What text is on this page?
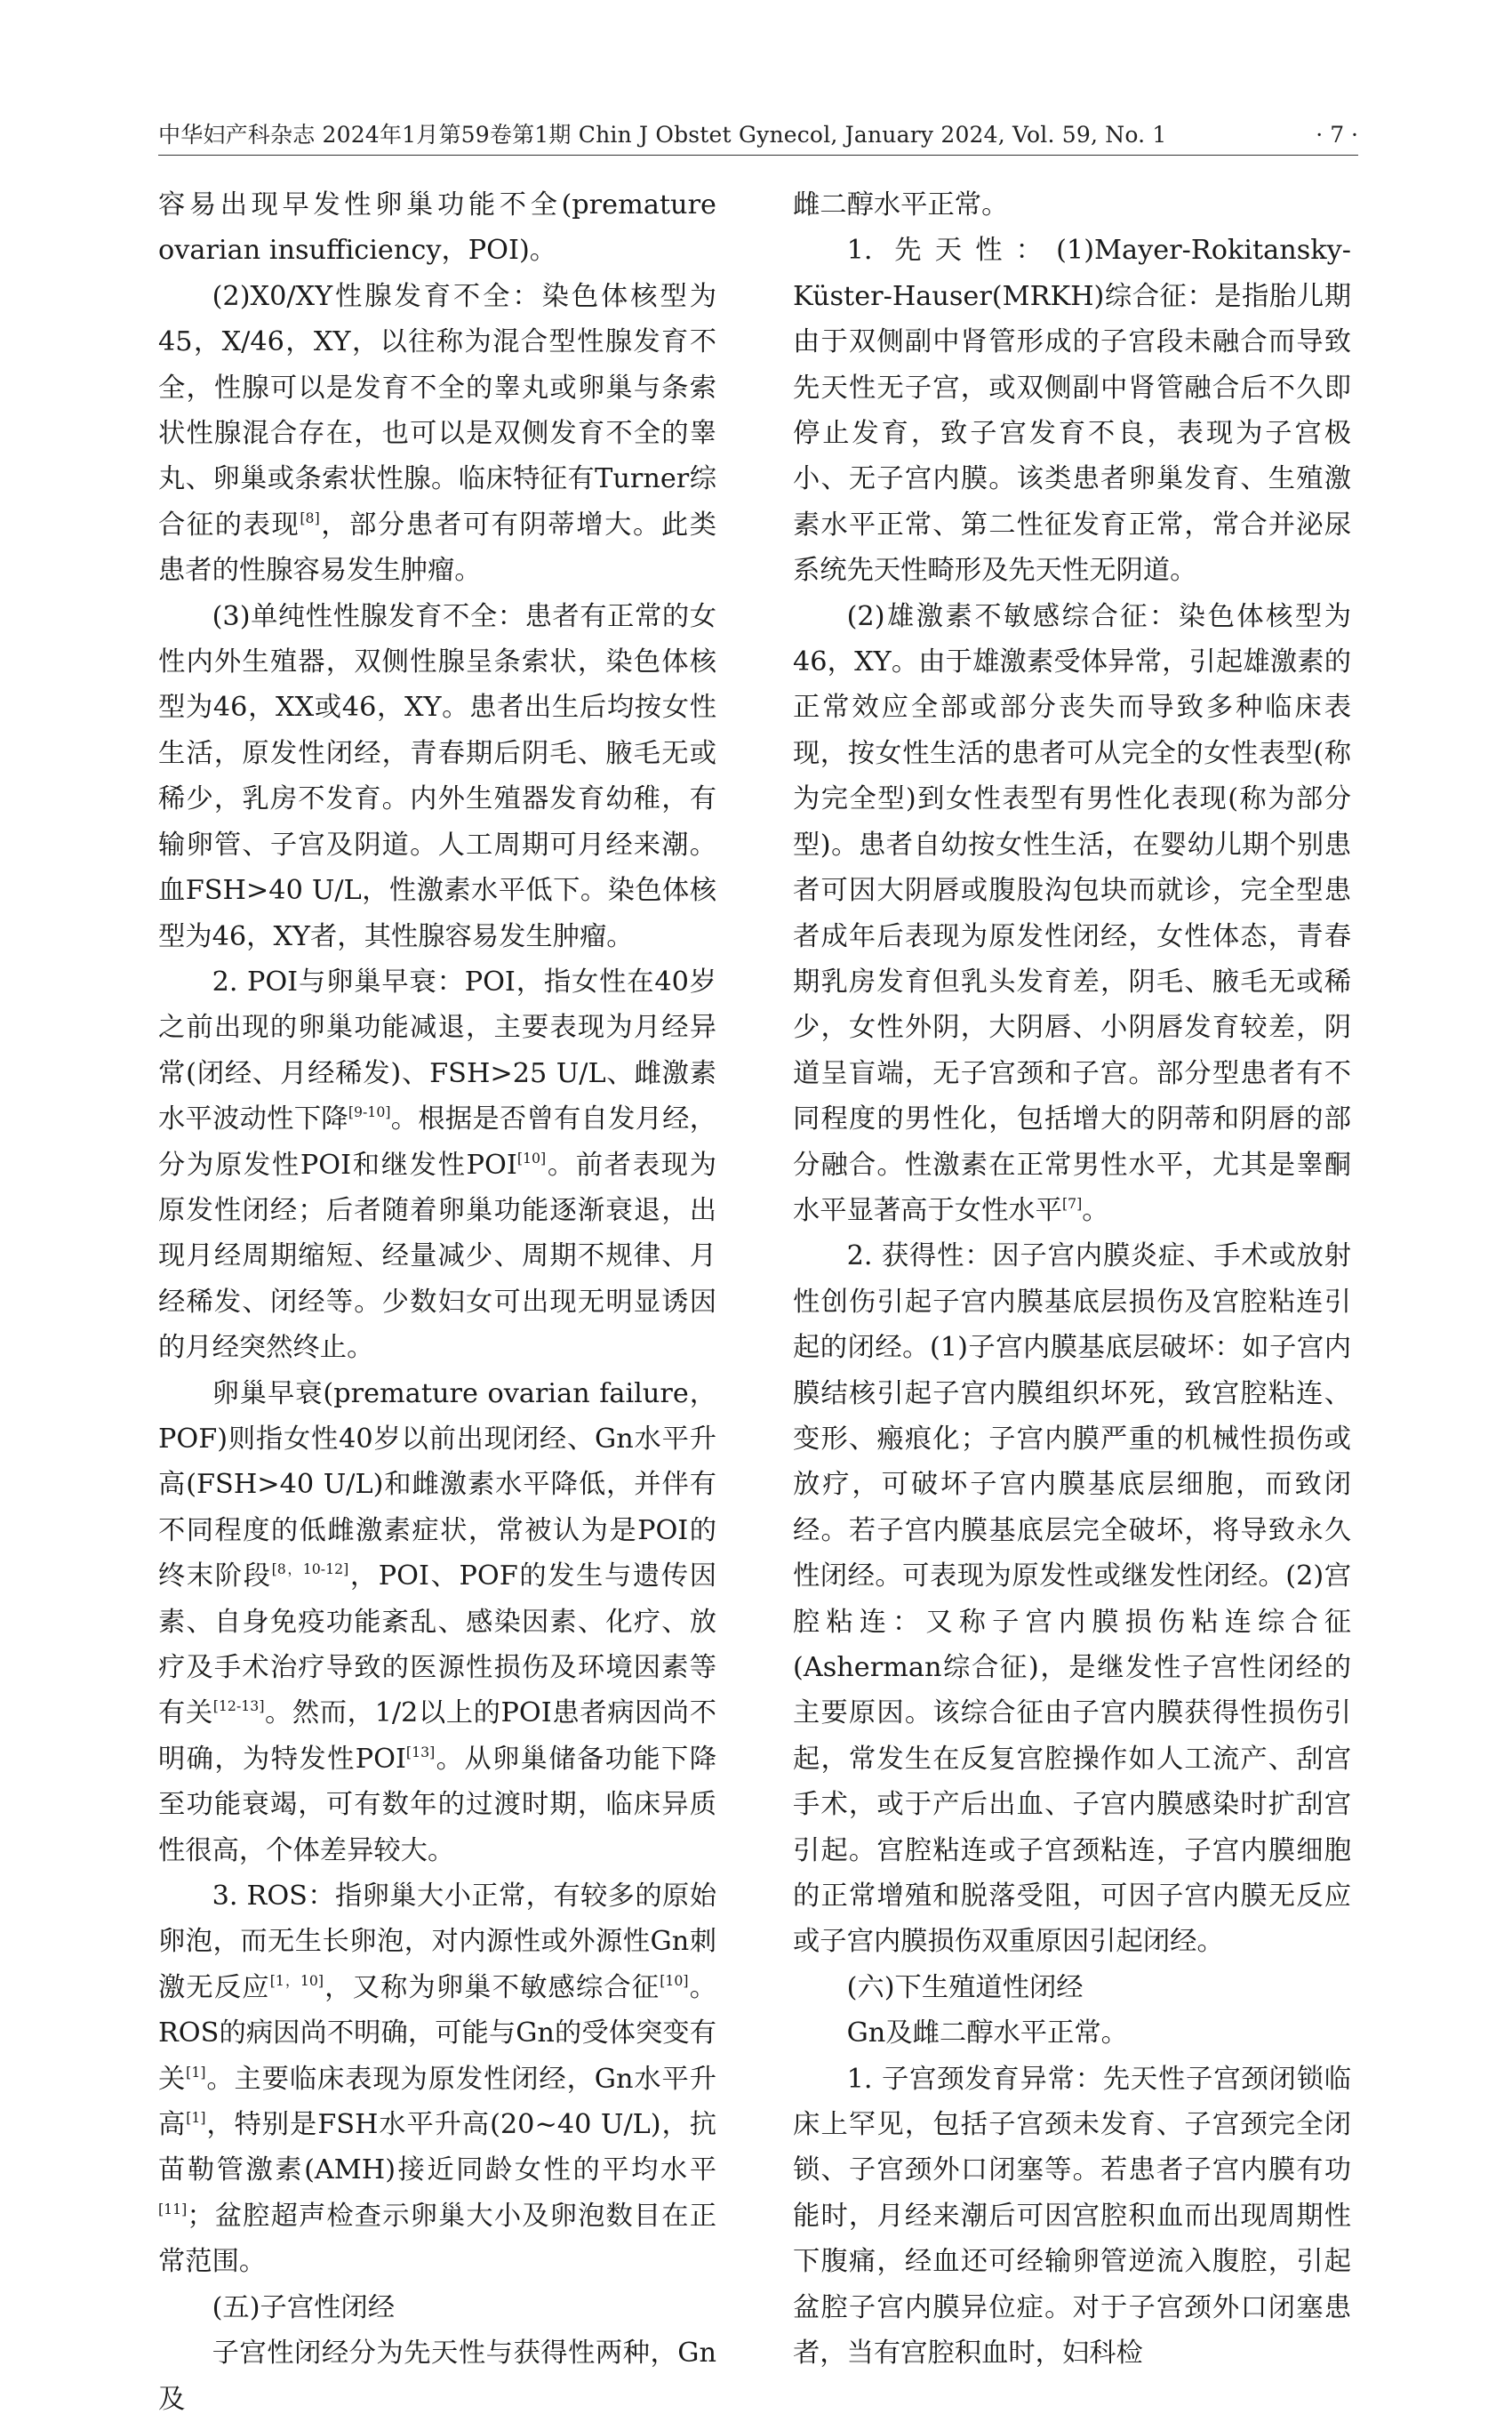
中华妇产科杂志 2024年1月第59卷第1期 Chin J Obstet Gynecol, January 2024, Vol. 59, No. 1	· 7 ·

容易出现早发性卵巢功能不全(premature ovarian insufficiency，POI)。

(2)X0/XY性腺发育不全：染色体核型为45，X/46，XY，以往称为混合型性腺发育不全，性腺可以是发育不全的睾丸或卵巢与条索状性腺混合存在，也可以是双侧发育不全的睾丸、卵巢或条索状性腺。临床特征有Turner综合征的表现[8]，部分患者可有阴蒂增大。此类患者的性腺容易发生肿瘤。

(3)单纯性性腺发育不全：患者有正常的女性内外生殖器，双侧性腺呈条索状，染色体核型为46，XX或46，XY。患者出生后均按女性生活，原发性闭经，青春期后阴毛、腋毛无或稀少，乳房不发育。内外生殖器发育幼稚，有输卵管、子宫及阴道。人工周期可月经来潮。血FSH>40 U/L，性激素水平低下。染色体核型为46，XY者，其性腺容易发生肿瘤。

2. POI与卵巢早衰：POI，指女性在40岁之前出现的卵巢功能减退，主要表现为月经异常(闭经、月经稀发)、FSH>25 U/L、雌激素水平波动性下降[9-10]。根据是否曾有自发月经，分为原发性POI和继发性POI[10]。前者表现为原发性闭经；后者随着卵巢功能逐渐衰退，出现月经周期缩短、经量减少、周期不规律、月经稀发、闭经等。少数妇女可出现无明显诱因的月经突然终止。

卵巢早衰(premature ovarian failure，POF)则指女性40岁以前出现闭经、Gn水平升高(FSH>40 U/L)和雌激素水平降低，并伴有不同程度的低雌激素症状，常被认为是POI的终末阶段[8，10-12]，POI、POF的发生与遗传因素、自身免疫功能紊乱、感染因素、化疗、放疗及手术治疗导致的医源性损伤及环境因素等有关[12-13]。然而，1/2以上的POI患者病因尚不明确，为特发性POI[13]。从卵巢储备功能下降至功能衰竭，可有数年的过渡时期，临床异质性很高，个体差异较大。

3. ROS：指卵巢大小正常，有较多的原始卵泡，而无生长卵泡，对内源性或外源性Gn刺激无反应[1，10]，又称为卵巢不敏感综合征[10]。ROS的病因尚不明确，可能与Gn的受体突变有关[1]。主要临床表现为原发性闭经，Gn水平升高[1]，特别是FSH水平升高(20~40 U/L)，抗苗勒管激素(AMH)接近同龄女性的平均水平[11]；盆腔超声检查示卵巢大小及卵泡数目在正常范围。

(五)子宫性闭经

子宫性闭经分为先天性与获得性两种，Gn及

雌二醇水平正常。

1. 先天性：(1)Mayer-Rokitansky-Küster-Hauser(MRKH)综合征：是指胎儿期由于双侧副中肾管形成的子宫段未融合而导致先天性无子宫，或双侧副中肾管融合后不久即停止发育，致子宫发育不良，表现为子宫极小、无子宫内膜。该类患者卵巢发育、生殖激素水平正常、第二性征发育正常，常合并泌尿系统先天性畸形及先天性无阴道。

(2)雄激素不敏感综合征：染色体核型为46，XY。由于雄激素受体异常，引起雄激素的正常效应全部或部分丧失而导致多种临床表现，按女性生活的患者可从完全的女性表型(称为完全型)到女性表型有男性化表现(称为部分型)。患者自幼按女性生活，在婴幼儿期个别患者可因大阴唇或腹股沟包块而就诊，完全型患者成年后表现为原发性闭经，女性体态，青春期乳房发育但乳头发育差，阴毛、腋毛无或稀少，女性外阴，大阴唇、小阴唇发育较差，阴道呈盲端，无子宫颈和子宫。部分型患者有不同程度的男性化，包括增大的阴蒂和阴唇的部分融合。性激素在正常男性水平，尤其是睾酮水平显著高于女性水平[7]。

2. 获得性：因子宫内膜炎症、手术或放射性创伤引起子宫内膜基底层损伤及宫腔粘连引起的闭经。(1)子宫内膜基底层破坏：如子宫内膜结核引起子宫内膜组织坏死，致宫腔粘连、变形、瘢痕化；子宫内膜严重的机械性损伤或放疗，可破坏子宫内膜基底层细胞，而致闭经。若子宫内膜基底层完全破坏，将导致永久性闭经。可表现为原发性或继发性闭经。(2)宫腔粘连：又称子宫内膜损伤粘连综合征(Asherman综合征)，是继发性子宫性闭经的主要原因。该综合征由子宫内膜获得性损伤引起，常发生在反复宫腔操作如人工流产、刮宫手术，或于产后出血、子宫内膜感染时扩刮宫引起。宫腔粘连或子宫颈粘连，子宫内膜细胞的正常增殖和脱落受阻，可因子宫内膜无反应或子宫内膜损伤双重原因引起闭经。

(六)下生殖道性闭经

Gn及雌二醇水平正常。

1. 子宫颈发育异常：先天性子宫颈闭锁临床上罕见，包括子宫颈未发育、子宫颈完全闭锁、子宫颈外口闭塞等。若患者子宫内膜有功能时，月经来潮后可因宫腔积血而出现周期性下腹痛，经血还可经输卵管逆流入腹腔，引起盆腔子宫内膜异位症。对于子宫颈外口闭塞患者，当有宫腔积血时，妇科检
